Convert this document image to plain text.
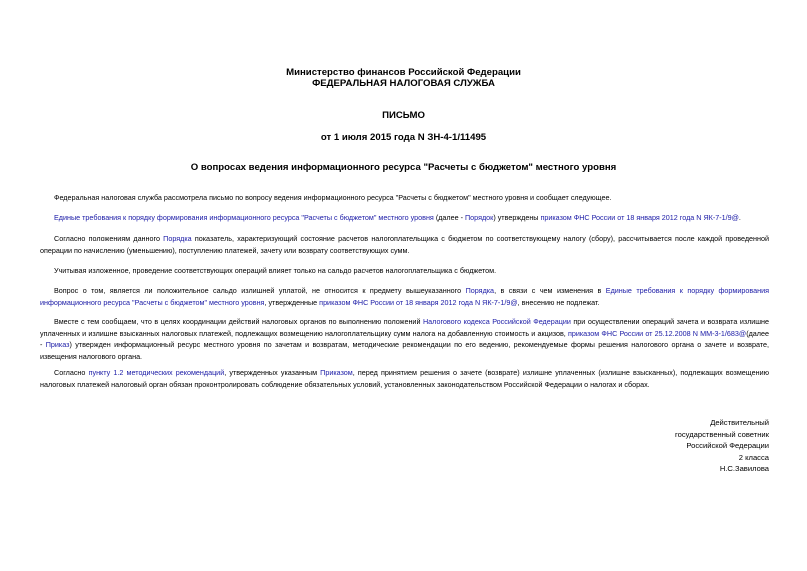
Министерство финансов Российской Федерации
ФЕДЕРАЛЬНАЯ НАЛОГОВАЯ СЛУЖБА
ПИСЬМО
от 1 июля 2015 года N ЗН-4-1/11495
О вопросах ведения информационного ресурса "Расчеты с бюджетом" местного уровня
Федеральная налоговая служба рассмотрела письмо по вопросу ведения информационного ресурса "Расчеты с бюджетом" местного уровня и сообщает следующее.
Единые требования к порядку формирования информационного ресурса "Расчеты с бюджетом" местного уровня (далее - Порядок) утверждены приказом ФНС России от 18 января 2012 года N ЯК-7-1/9@.
Согласно положениям данного Порядка показатель, характеризующий состояние расчетов налогоплательщика с бюджетом по соответствующему налогу (сбору), рассчитывается после каждой проведенной операции по начислению (уменьшению), поступлению платежей, зачету или возврату соответствующих сумм.
Учитывая изложенное, проведение соответствующих операций влияет только на сальдо расчетов налогоплательщика с бюджетом.
Вопрос о том, является ли положительное сальдо излишней уплатой, не относится к предмету вышеуказанного Порядка, в связи с чем изменения в Единые требования к порядку формирования информационного ресурса "Расчеты с бюджетом" местного уровня, утвержденные приказом ФНС России от 18 января 2012 года N ЯК-7-1/9@, внесению не подлежат.
Вместе с тем сообщаем, что в целях координации действий налоговых органов по выполнению положений Налогового кодекса Российской Федерации при осуществлении операций зачета и возврата излишне уплаченных и излишне взысканных налоговых платежей, подлежащих возмещению налогоплательщику сумм налога на добавленную стоимость и акцизов, приказом ФНС России от 25.12.2008 N ММ-3-1/683@(далее - Приказ) утвержден информационный ресурс местного уровня по зачетам и возвратам, методические рекомендации по его ведению, рекомендуемые формы решения налогового органа о зачете и возврате, извещения налогового органа.
Согласно пункту 1.2 методических рекомендаций, утвержденных указанным Приказом, перед принятием решения о зачете (возврате) излишне уплаченных (излишне взысканных), подлежащих возмещению налоговых платежей налоговый орган обязан проконтролировать соблюдение обязательных условий, установленных законодательством Российской Федерации о налогах и сборах.
Действительный
государственный советник
Российской Федерации
2 класса
Н.С.Завилова
